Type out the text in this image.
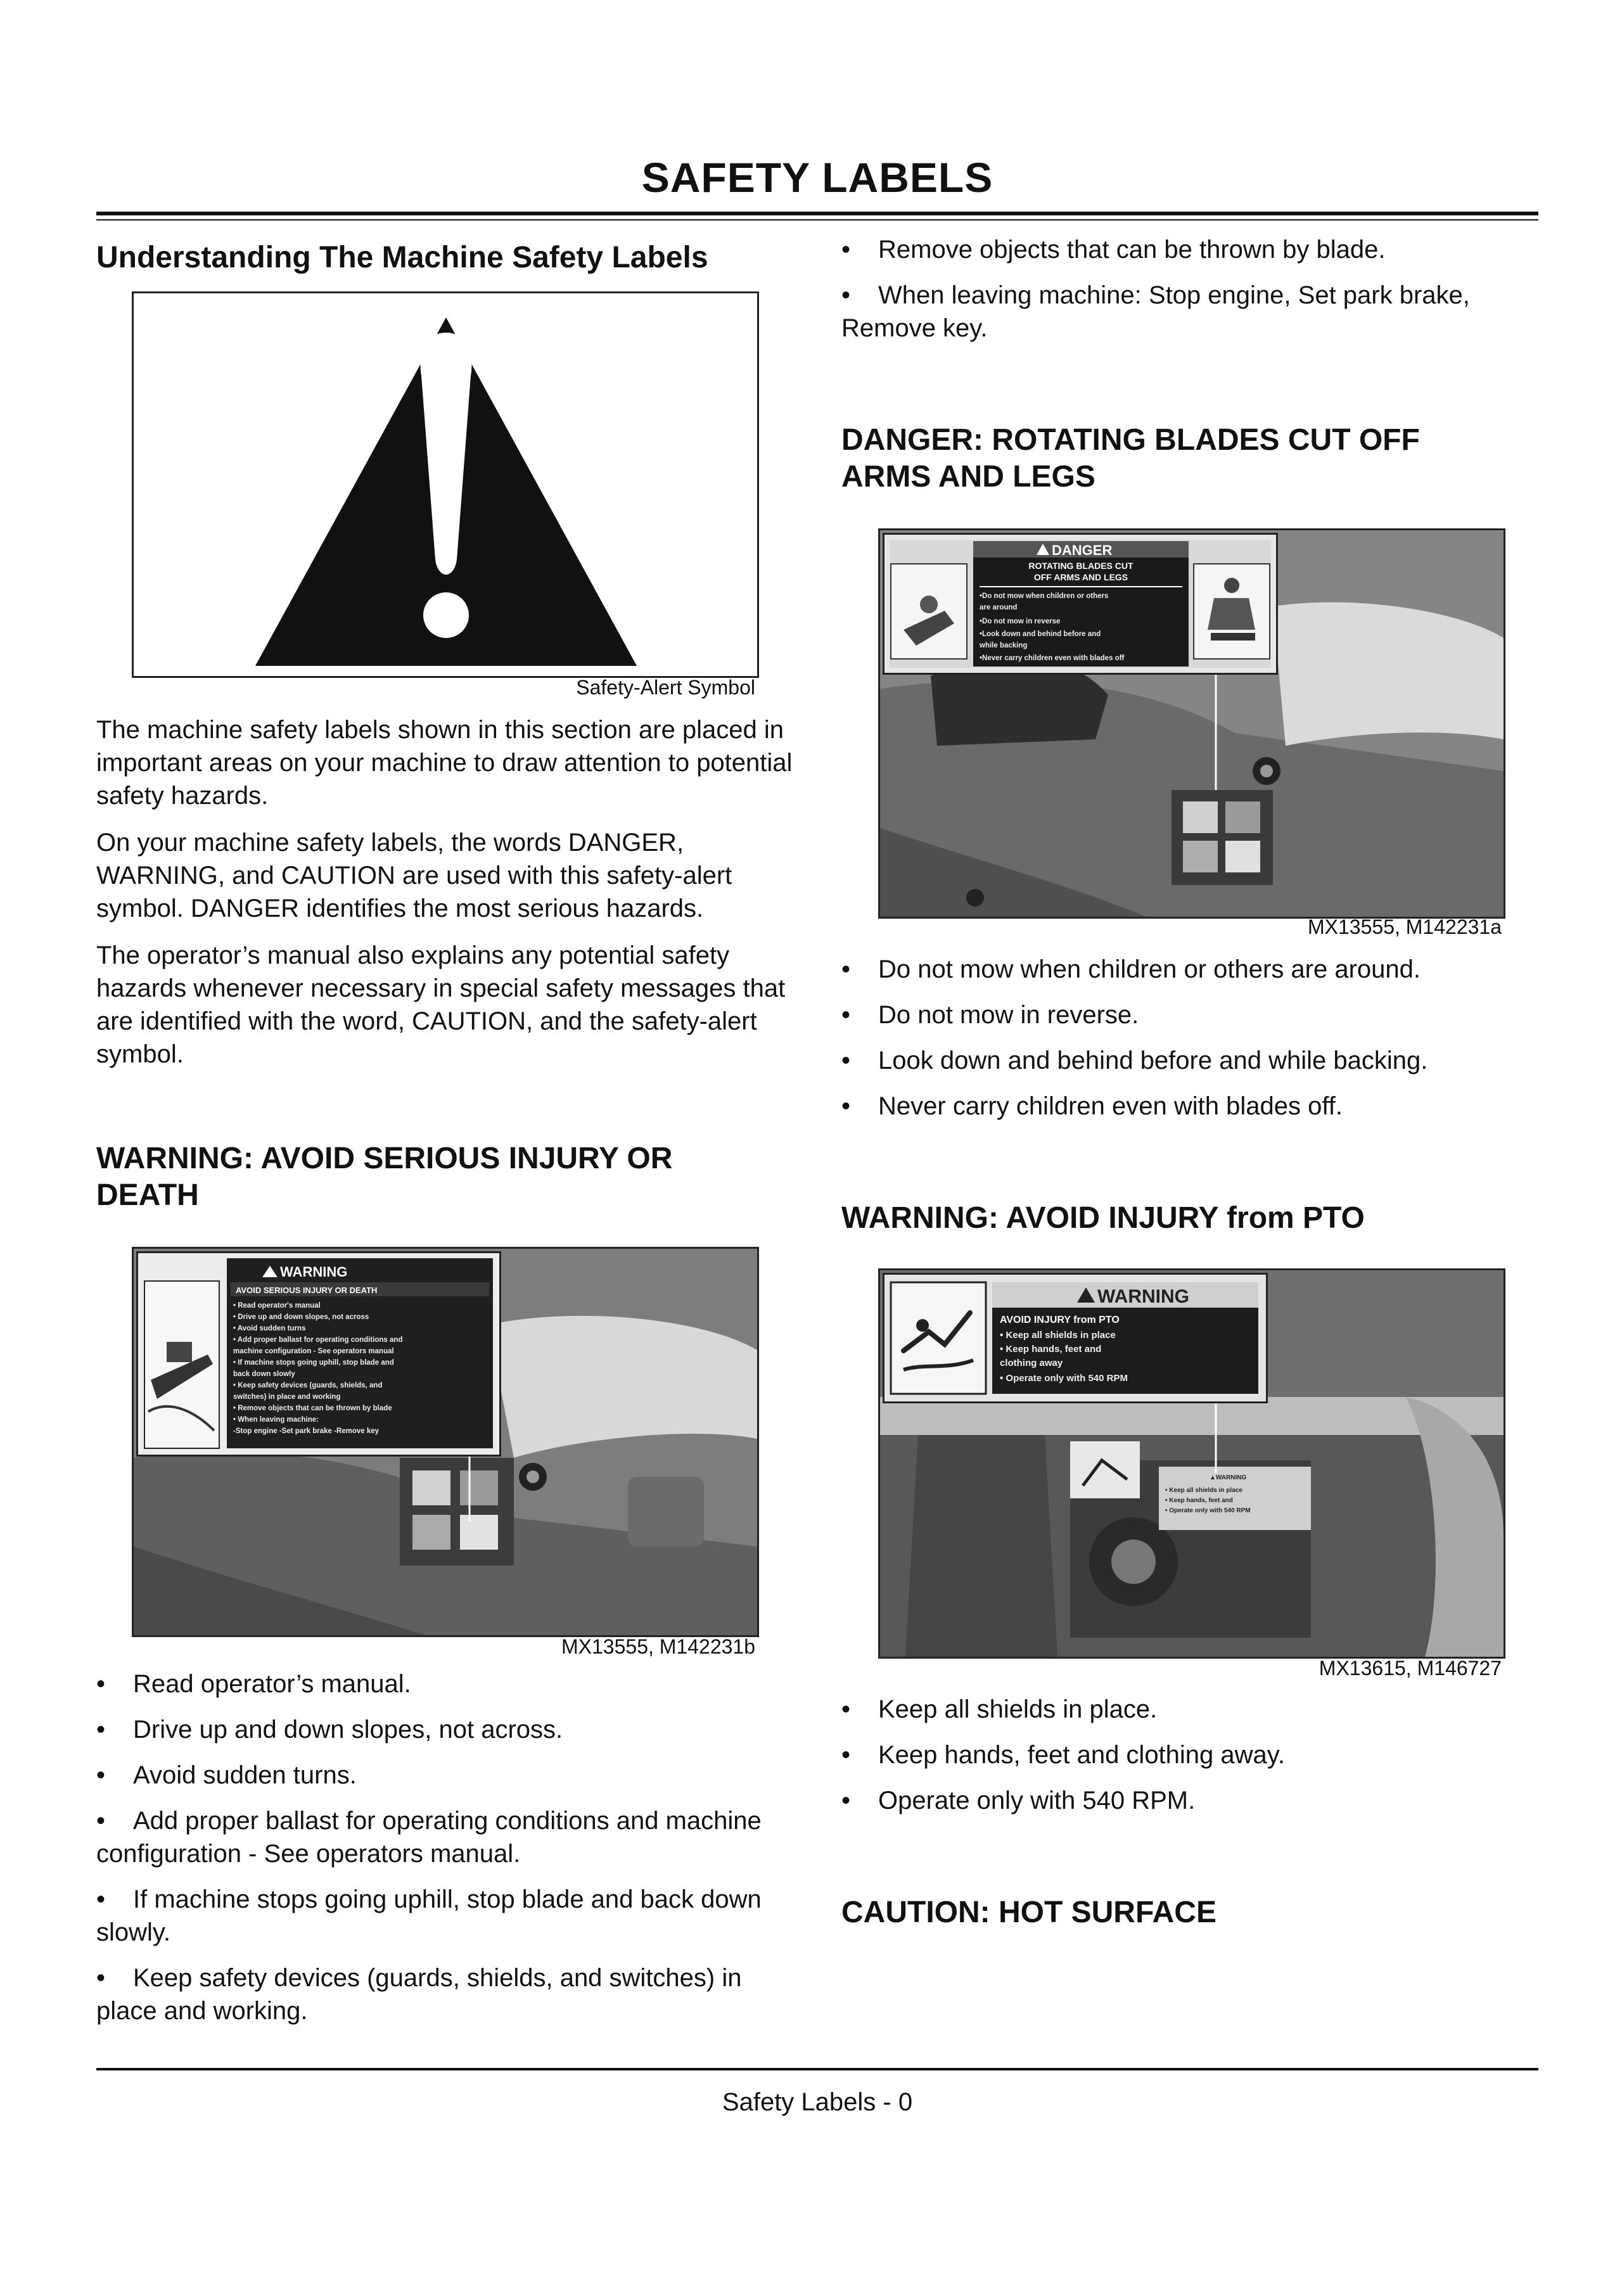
SAFETY LABELS
Understanding The Machine Safety Labels
Safety-Alert Symbol

The machine safety labels shown in this section are placed in important areas on your machine to draw attention to potential safety hazards.

On your machine safety labels, the words DANGER, WARNING, and CAUTION are used with this safety-alert symbol. DANGER identifies the most serious hazards.

The operator’s manual also explains any potential safety hazards whenever necessary in special safety messages that are identified with the word, CAUTION, and the safety-alert symbol.

WARNING: AVOID SERIOUS INJURY OR
DEATH
WARNING
AVOID SERIOUS INJURY OR DEATH
• Read operator's manual
• Drive up and down slopes, not across
• Avoid sudden turns
• Add proper ballast for operating conditions and
machine configuration - See operators manual
• If machine stops going uphill, stop blade and
back down slowly
• Keep safety devices (guards, shields, and
switches) in place and working
• Remove objects that can be thrown by blade
• When leaving machine:
-Stop engine -Set park brake -Remove key
MX13555, M142231b
• Read operator’s manual.
• Drive up and down slopes, not across.
• Avoid sudden turns.
• Add proper ballast for operating conditions and machine configuration - See operators manual.
• If machine stops going uphill, stop blade and back down slowly.
• Keep safety devices (guards, shields, and switches) in place and working.
• Remove objects that can be thrown by blade.
• When leaving machine: Stop engine, Set park brake, Remove key.
DANGER: ROTATING BLADES CUT OFF
ARMS AND LEGS
DANGER
ROTATING BLADES CUT
OFF ARMS AND LEGS
•Do not mow when children or others
are around
•Do not mow in reverse
•Look down and behind before and
while backing
•Never carry children even with blades off
MX13555, M142231a
• Do not mow when children or others are around.
• Do not mow in reverse.
• Look down and behind before and while backing.
• Never carry children even with blades off.
WARNING: AVOID INJURY from PTO
▲WARNING
• Keep all shields in place
• Keep hands, feet and
• Operate only with 540 RPM
WARNING
AVOID INJURY from PTO
• Keep all shields in place
• Keep hands, feet and
clothing away
• Operate only with 540 RPM
MX13615, M146727
• Keep all shields in place.
• Keep hands, feet and clothing away.
• Operate only with 540 RPM.
CAUTION: HOT SURFACE
Safety Labels - 0
